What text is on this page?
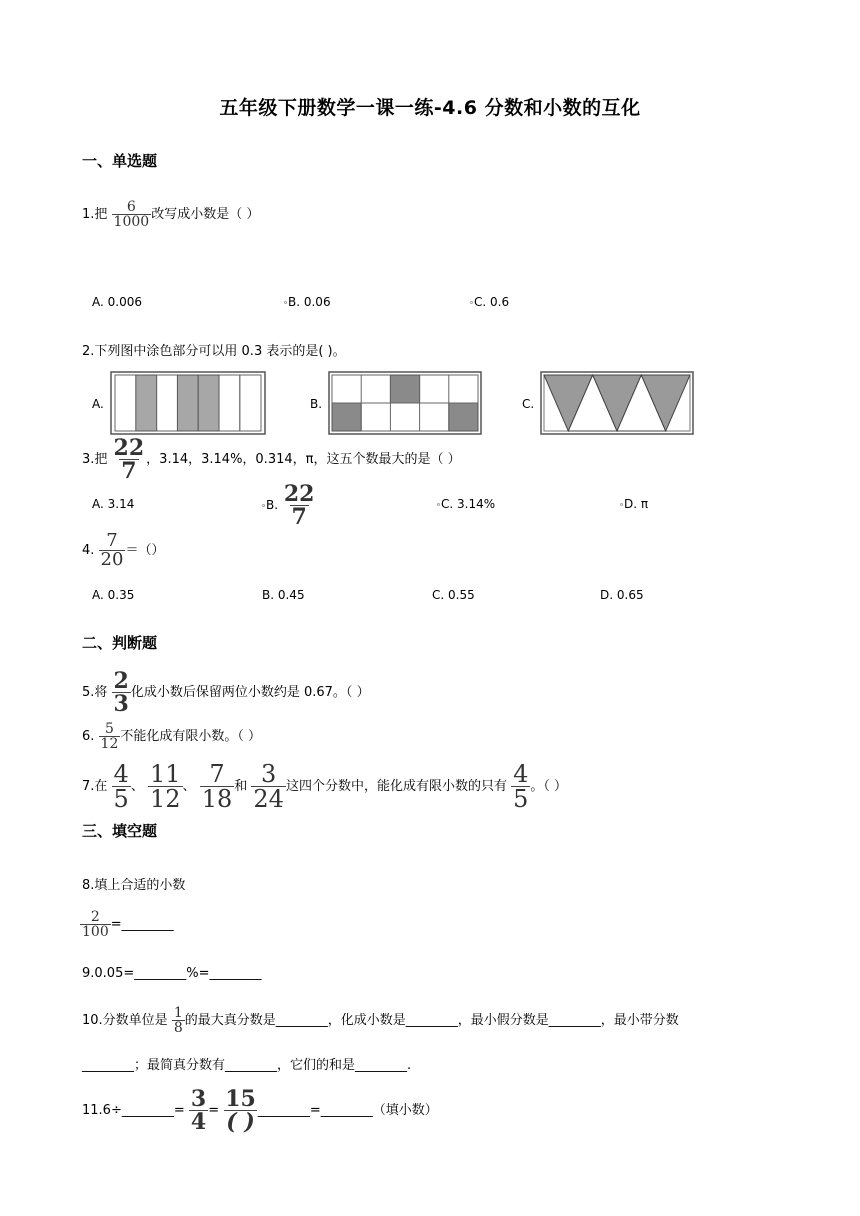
五年级下册数学一课一练-4.6 分数和小数的互化
一、单选题
1.把 $\frac{6}{1000}$ 改写成小数是（ ）
A. 0.006	B. 0.06	C. 0.6
2.下列图中涂色部分可以用 0.3 表示的是( )。
A.	B.	C.
3.把 $\frac{22}{7}$ ，3.14，3.14%，0.314，π，这五个数最大的是（ ）
A. 3.14	B. $\frac{22}{7}$	C. 3.14%	D. π
4. $\frac{7}{20}$ ＝（）
A. 0.35	B. 0.45	C. 0.55	D. 0.65
二、判断题
5.将 $\frac{2}{3}$ 化成小数后保留两位小数约是 0.67。（ ）
6. $\frac{5}{12}$ 不能化成有限小数。（ ）
7.在 $\frac{4}{5}$ 、 $\frac{11}{12}$ 、 $\frac{7}{18}$ 和 $\frac{3}{24}$ 这四个分数中，能化成有限小数的只有 $\frac{4}{5}$ 。（ ）
三、填空题
8.填上合适的小数
$\frac{2}{100}$ =________
9.0.05=________%=________
10.分数单位是 $\frac{1}{8}$ 的最大真分数是________，化成小数是________，最小假分数是________，最小带分数
________；最简真分数有________，它们的和是________.
11.6÷________= $\frac{3}{4} = \frac{15}{( )}$ ________=________（填小数）
